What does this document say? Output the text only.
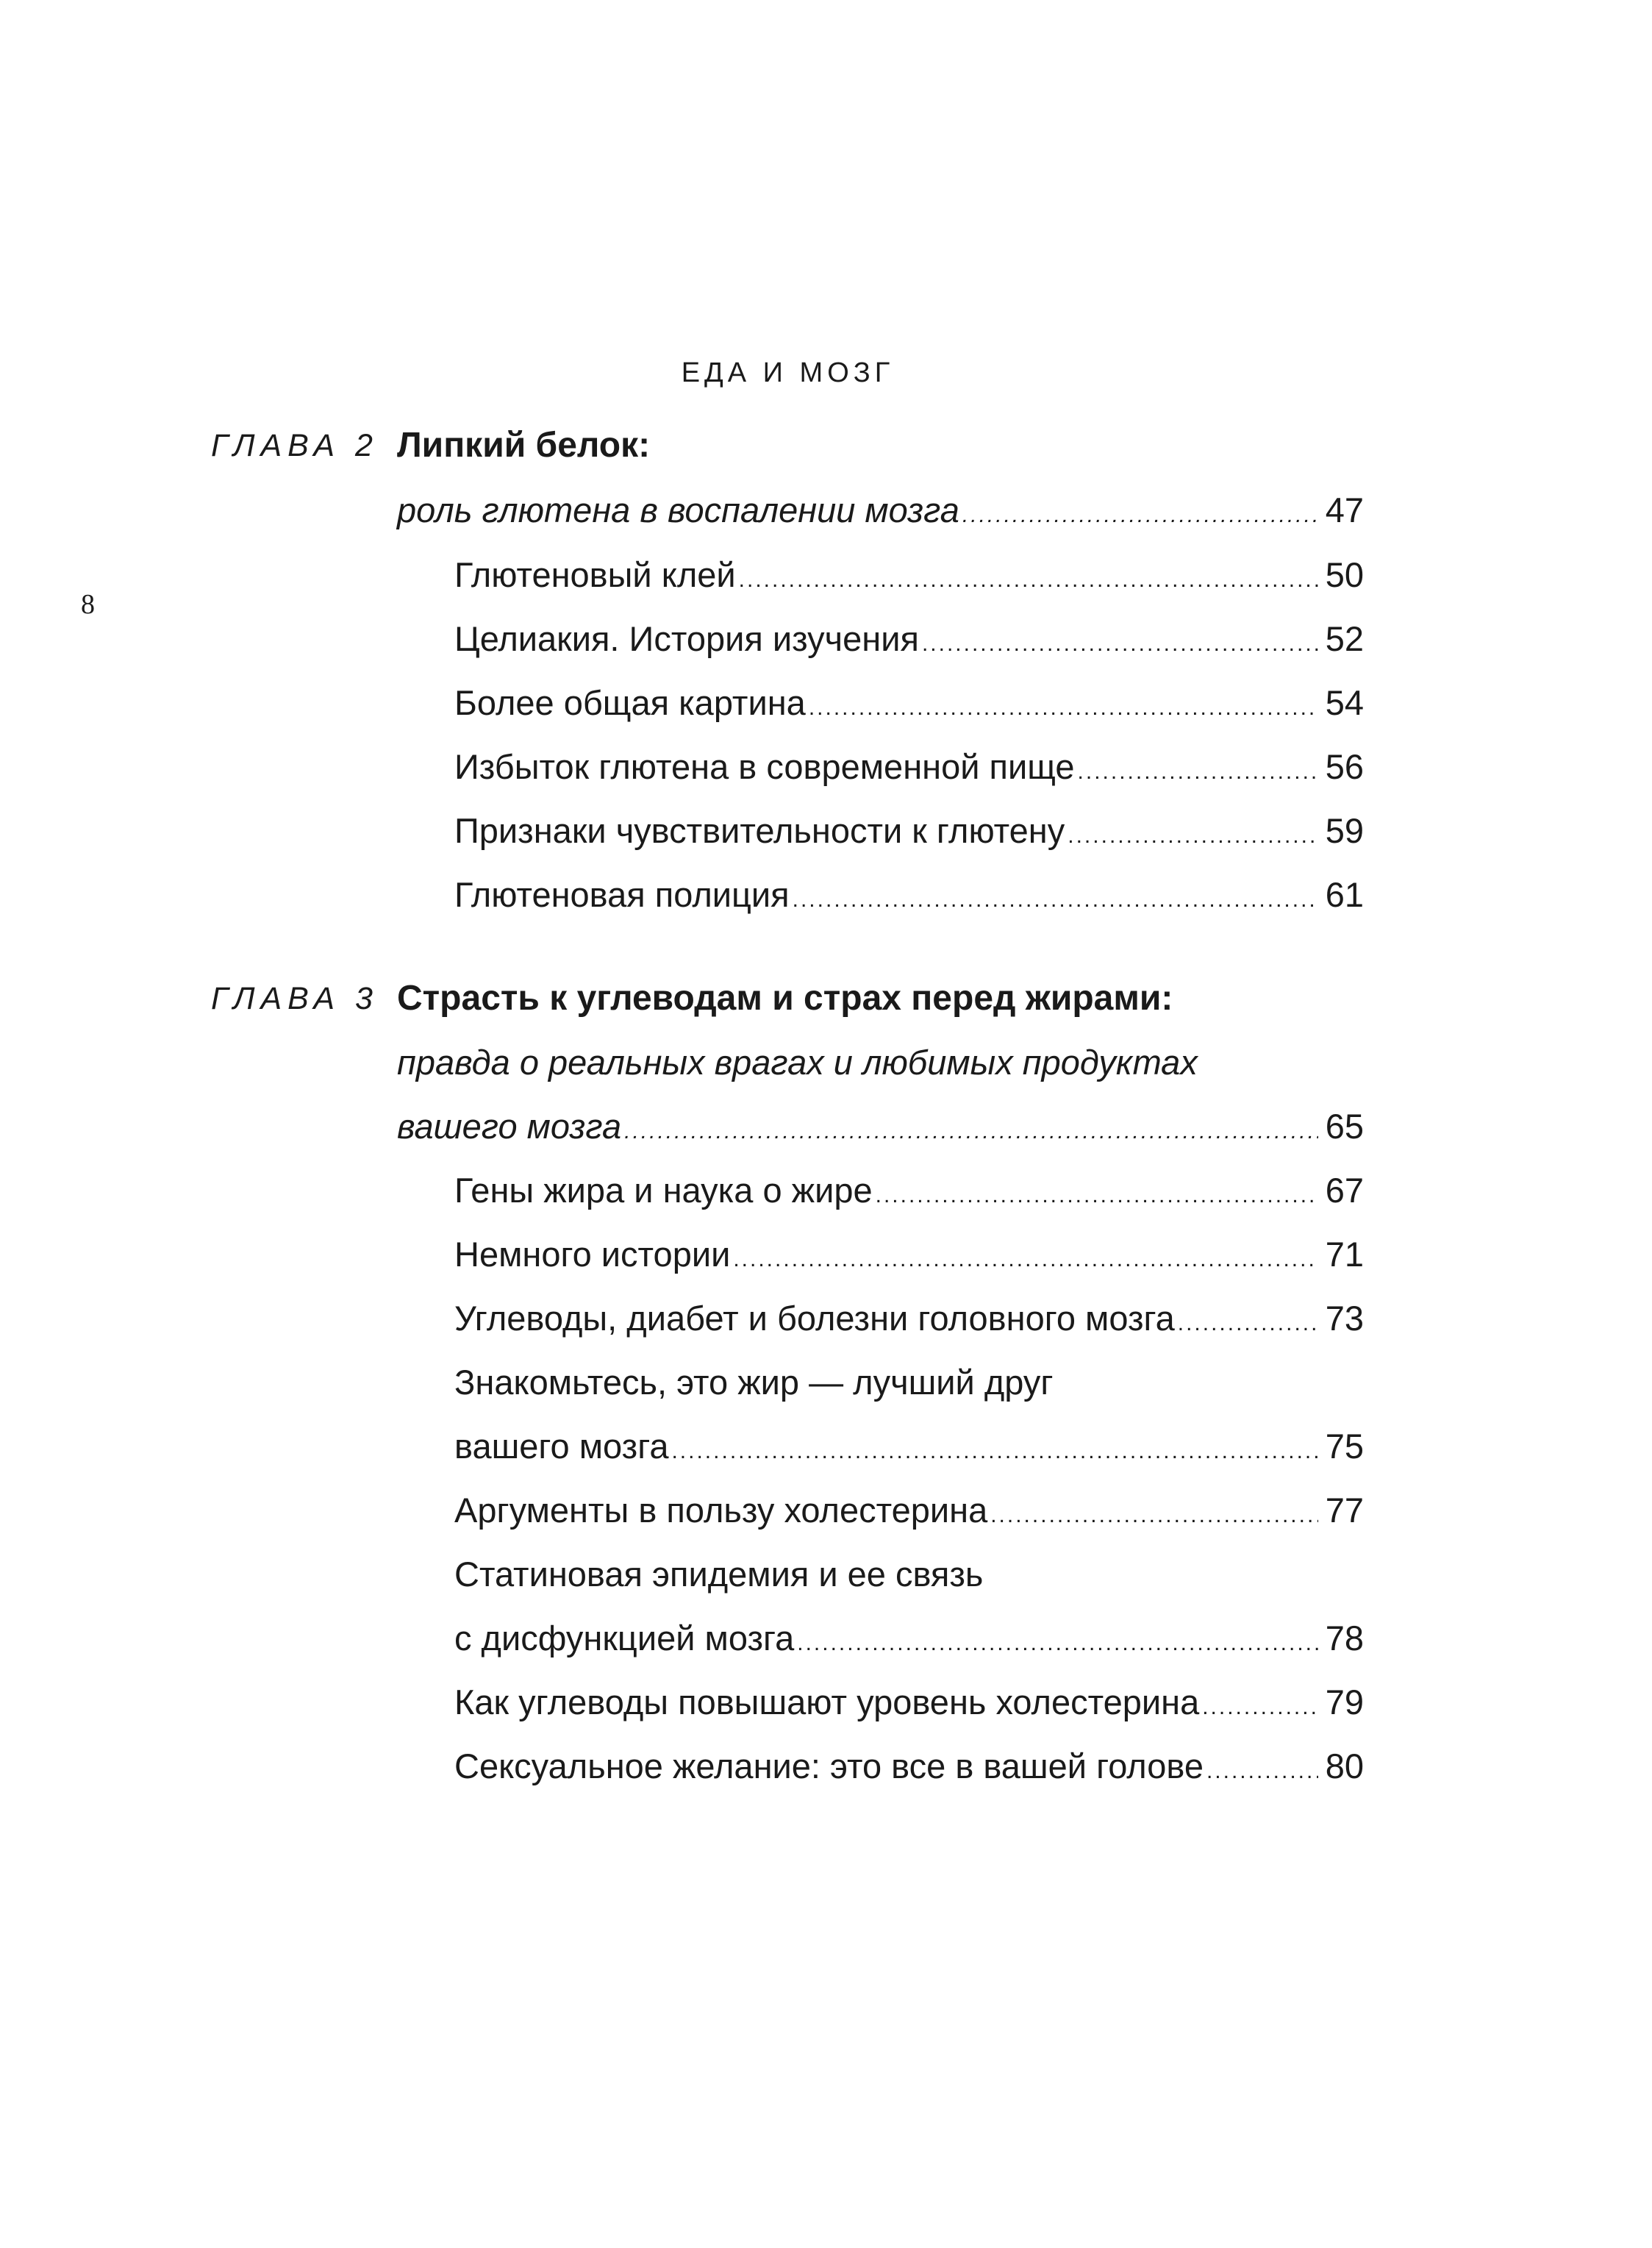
ЕДА И МОЗГ
8
ГЛАВА 2 Липкий белок:
роль глютена в воспалении мозга .....	47
Глютеновый клей .....	50
Целиакия. История изучения .....	52
Более общая картина .....	54
Избыток глютена в современной пище .....	56
Признаки чувствительности к глютену .....	59
Глютеновая полиция .....	61
ГЛАВА 3 Страсть к углеводам и страх перед жирами:
правда о реальных врагах и любимых продуктах
вашего мозга .....	65
Гены жира и наука о жире .....	67
Немного истории .....	71
Углеводы, диабет и болезни головного мозга .....	73
Знакомьтесь, это жир — лучший друг
вашего мозга .....	75
Аргументы в пользу холестерина .....	77
Статиновая эпидемия и ее связь
с дисфункцией мозга .....	78
Как углеводы повышают уровень холестерина .....	79
Сексуальное желание: это все в вашей голове .....	80
